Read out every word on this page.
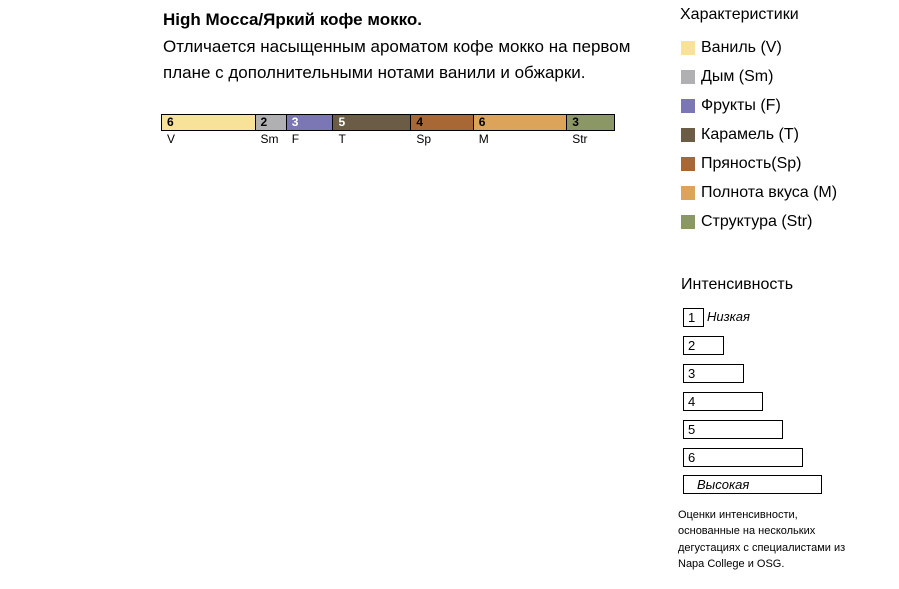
High Mocca/Яркий кофе мокко.
Отличается насыщенным ароматом кофе мокко на первом плане с дополнительными нотами ванили и обжарки.
6
V
2
Sm
3
F
5
T
4
Sp
6
M
3
Str
Характеристики
Ваниль (V)
Дым (Sm)
Фрукты (F)
Карамель (T)
Пряность(Sp)
Полнота вкуса (M)
Структура (Str)
Интенсивность
1
2
3
4
5
6
Низкая
Высокая
Оценки интенсивности, основанные на нескольких дегустациях с специалистами из Napa College и OSG.
